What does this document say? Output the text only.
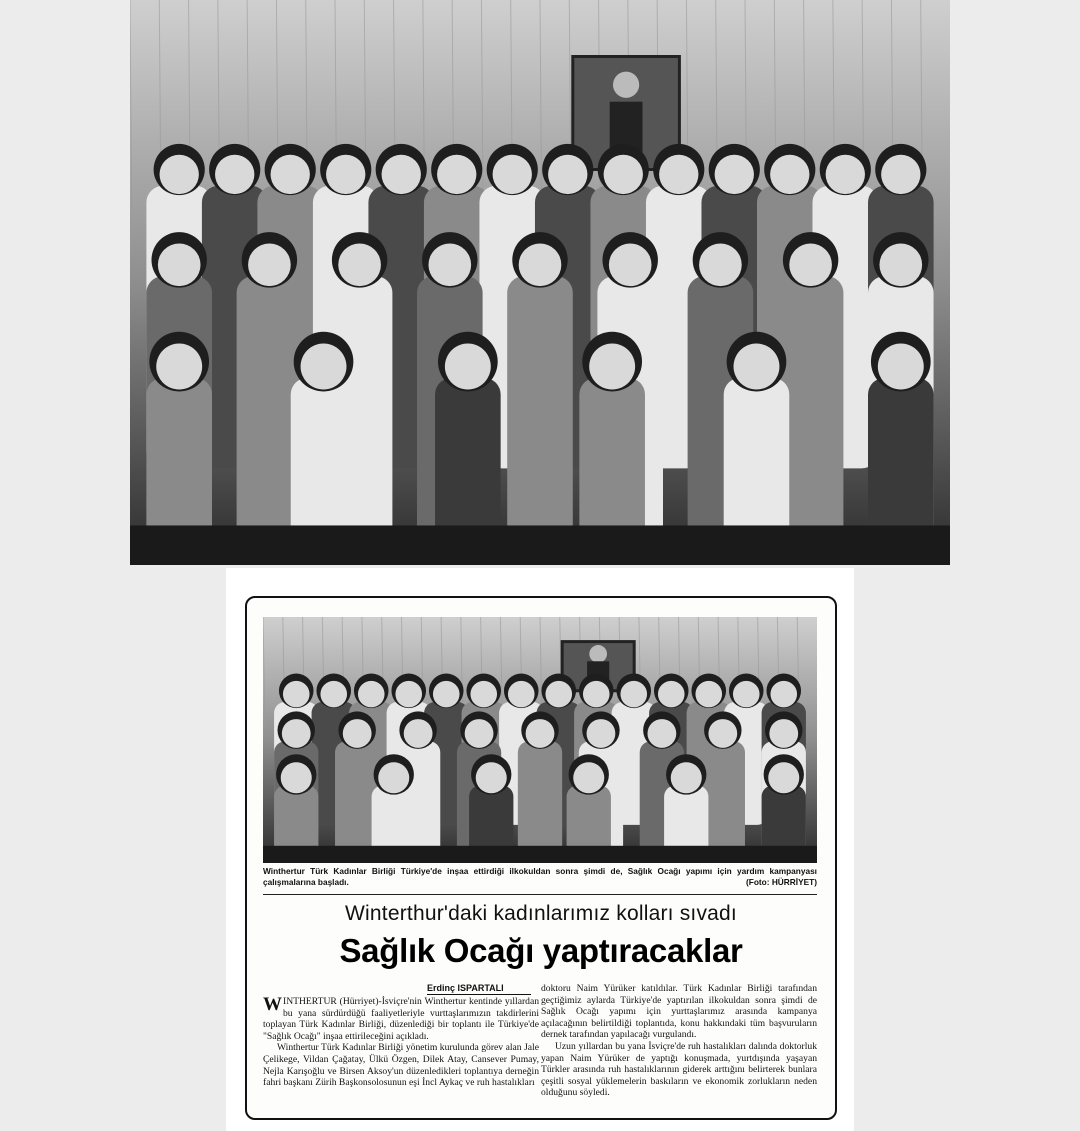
Winthertur Türk Kadınlar Birliği Türkiye'de inşaa ettirdiği ilkokuldan sonra şimdi de, Sağlık Ocağı yapımı için yardım kampanyası çalışmalarına başladı.	(Foto: HÜRRİYET)
Winterthur'daki kadınlarımız kolları sıvadı
Sağlık Ocağı yaptıracaklar
Erdinç ISPARTALI

WINTHERTUR (Hürriyet)-İsviçre'nin Winthertur kentinde yıllardan bu yana sürdürdüğü faaliyetleriyle vurttaşlarımızın takdirlerini toplayan Türk Kadınlar Birliği, düzenlediği bir toplantı ile Türkiye'de "Sağlık Ocağı" inşaa ettirileceğini açıkladı.

Winthertur Türk Kadınlar Birliği yönetim kurulunda görev alan Jale Çelikege, Vildan Çağatay, Ülkü Özgen, Dilek Atay, Cansever Pumay, Nejla Karışoğlu ve Birsen Aksoy'un düzenledikleri toplantıya derneğin fahri başkanı Zürih Başkonsolosunun eşi İncl Aykaç ve ruh hastalıkları

doktoru Naim Yürüker katıldılar. Türk Kadınlar Birliği tarafından geçtiğimiz aylarda Türkiye'de yaptırılan ilkokuldan sonra şimdi de Sağlık Ocağı yapımı için yurttaşlarımız arasında kampanya açılacağının belirtildiği toplantıda, konu hakkındaki tüm başvuruların dernek tarafından yapılacağı vurgulandı.

Uzun yıllardan bu yana İsviçre'de ruh hastalıkları dalında doktorluk yapan Naim Yürüker de yaptığı konuşmada, yurtdışında yaşayan Türkler arasında ruh hastalıklarının giderek arttığını belirterek bunlara çeşitli sosyal yüklemelerin baskıların ve ekonomik zorlukların neden olduğunu söyledi.
